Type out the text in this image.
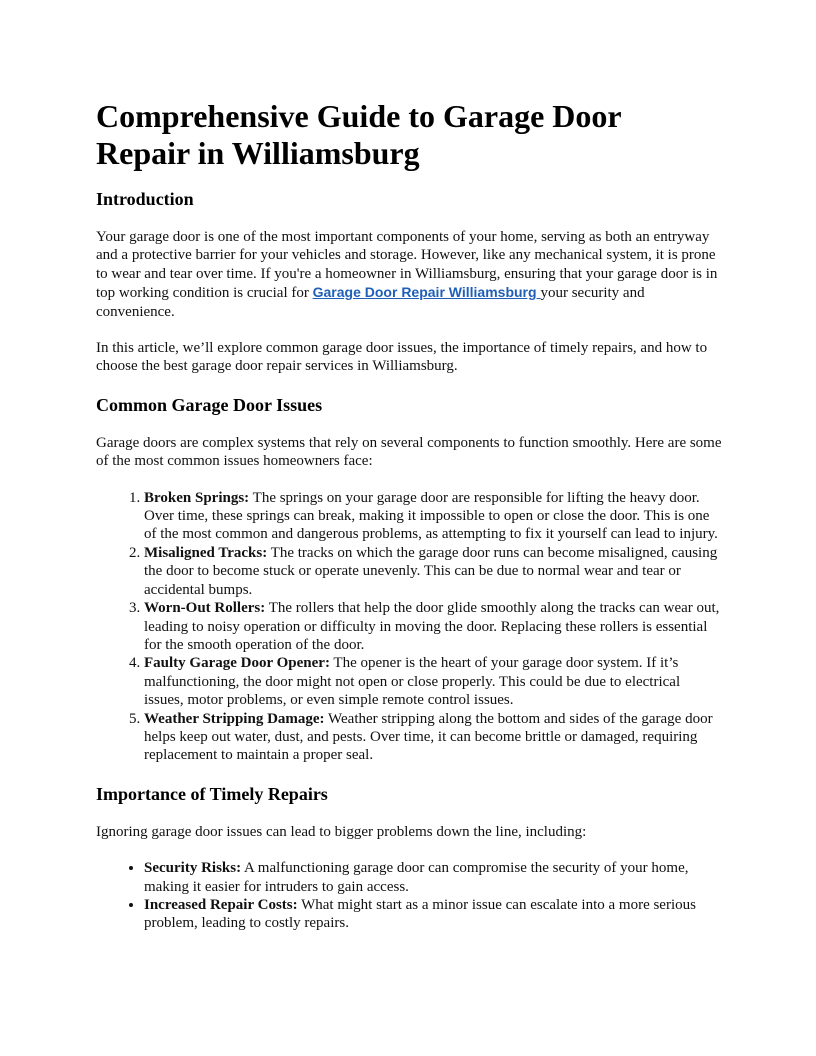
Comprehensive Guide to Garage Door Repair in Williamsburg
Introduction

Your garage door is one of the most important components of your home, serving as both an entryway and a protective barrier for your vehicles and storage. However, like any mechanical system, it is prone to wear and tear over time. If you're a homeowner in Williamsburg, ensuring that your garage door is in top working condition is crucial for Garage Door Repair Williamsburg your security and convenience.

In this article, we’ll explore common garage door issues, the importance of timely repairs, and how to choose the best garage door repair services in Williamsburg.

Common Garage Door Issues

Garage doors are complex systems that rely on several components to function smoothly. Here are some of the most common issues homeowners face:

1. Broken Springs: The springs on your garage door are responsible for lifting the heavy door. Over time, these springs can break, making it impossible to open or close the door. This is one of the most common and dangerous problems, as attempting to fix it yourself can lead to injury.
2. Misaligned Tracks: The tracks on which the garage door runs can become misaligned, causing the door to become stuck or operate unevenly. This can be due to normal wear and tear or accidental bumps.
3. Worn-Out Rollers: The rollers that help the door glide smoothly along the tracks can wear out, leading to noisy operation or difficulty in moving the door. Replacing these rollers is essential for the smooth operation of the door.
4. Faulty Garage Door Opener: The opener is the heart of your garage door system. If it’s malfunctioning, the door might not open or close properly. This could be due to electrical issues, motor problems, or even simple remote control issues.
5. Weather Stripping Damage: Weather stripping along the bottom and sides of the garage door helps keep out water, dust, and pests. Over time, it can become brittle or damaged, requiring replacement to maintain a proper seal.
Importance of Timely Repairs

Ignoring garage door issues can lead to bigger problems down the line, including:

• Security Risks: A malfunctioning garage door can compromise the security of your home, making it easier for intruders to gain access.
• Increased Repair Costs: What might start as a minor issue can escalate into a more serious problem, leading to costly repairs.
